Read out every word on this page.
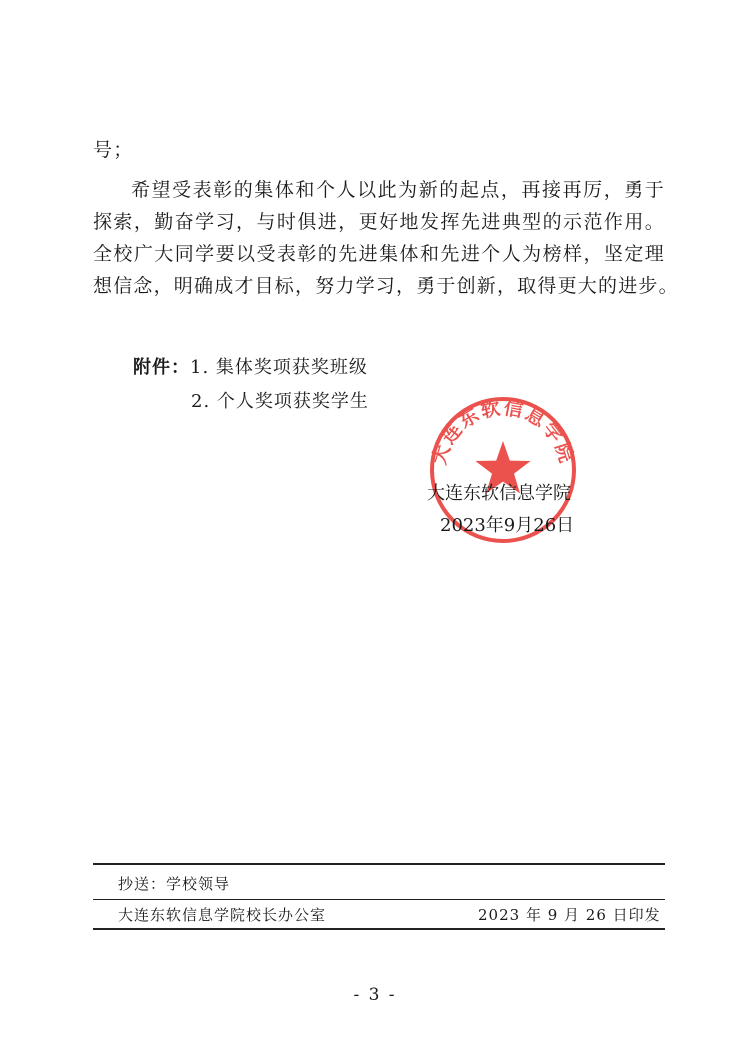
号；
希望受表彰的集体和个人以此为新的起点，再接再厉，勇于
探索，勤奋学习，与时俱进，更好地发挥先进典型的示范作用。
全校广大同学要以受表彰的先进集体和先进个人为榜样，坚定理
想信念，明确成才目标，努力学习，勇于创新，取得更大的进步。
附件：1. 集体奖项获奖班级
2. 个人奖项获奖学生
大连东软信息学院
大连东软信息学院
2023年9月26日
抄送：学校领导
大连东软信息学院校长办公室	2023 年 9 月 26 日印发
- 3 -
